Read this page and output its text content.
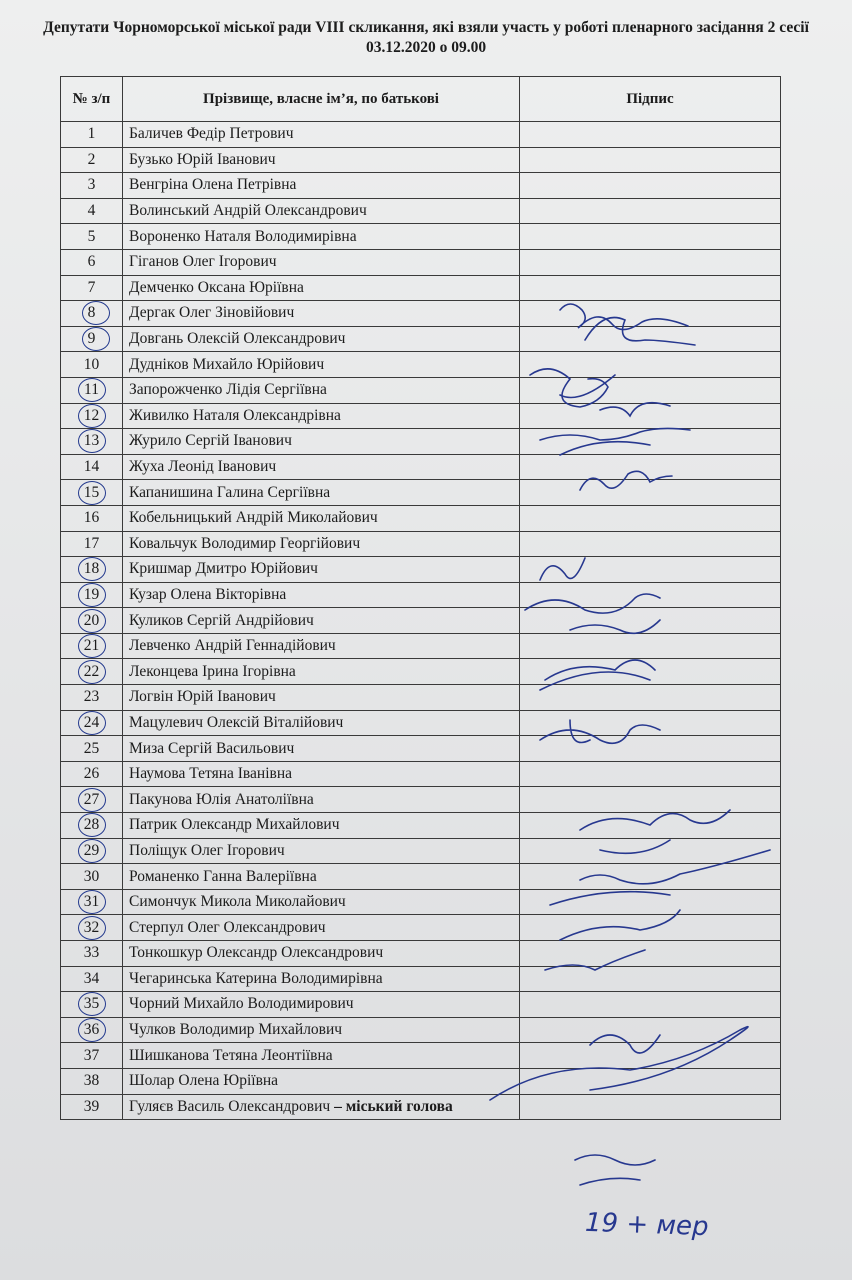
Депутати Чорноморської міської ради VIII скликання, які взяли участь у роботі пленарного засідання 2 сесії 03.12.2020 о 09.00
№ з/п	Прізвище, власне ім’я, по батькові	Підпис
1	Баличев Федір Петрович	
2	Бузько Юрій Іванович	
3	Венгріна Олена Петрівна	
4	Волинський Андрій Олександрович	
5	Вороненко Наталя Володимирівна	
6	Гіганов Олег Ігорович	
7	Демченко Оксана Юріївна	
8	Дергак Олег Зіновійович	
9	Довгань Олексій Олександрович	
10	Дудніков Михайло Юрійович	
11	Запорожченко Лідія Сергіївна	
12	Живилко Наталя Олександрівна	
13	Журило Сергій Іванович	
14	Жуха Леонід Іванович	
15	Капанишина Галина Сергіївна	
16	Кобельницький Андрій Миколайович	
17	Ковальчук Володимир Георгійович	
18	Кришмар Дмитро Юрійович	
19	Кузар Олена Вікторівна	
20	Куликов Сергій Андрійович	
21	Левченко Андрій Геннадійович	
22	Леконцева Ірина Ігорівна	
23	Логвін Юрій Іванович	
24	Мацулевич Олексій Віталійович	
25	Миза Сергій Васильович	
26	Наумова Тетяна Іванівна	
27	Пакунова Юлія Анатоліївна	
28	Патрик Олександр Михайлович	
29	Поліщук Олег Ігорович	
30	Романенко Ганна Валеріївна	
31	Симончук Микола Миколайович	
32	Стерпул Олег Олександрович	
33	Тонкошкур Олександр Олександрович	
34	Чегаринська Катерина Володимирівна	
35	Чорний Михайло Володимирович	
36	Чулков Володимир Михайлович	
37	Шишканова Тетяна Леонтіївна	
38	Шолар Олена Юріївна	
39	Гуляєв Василь Олександрович – міський голова	
19 + мер
